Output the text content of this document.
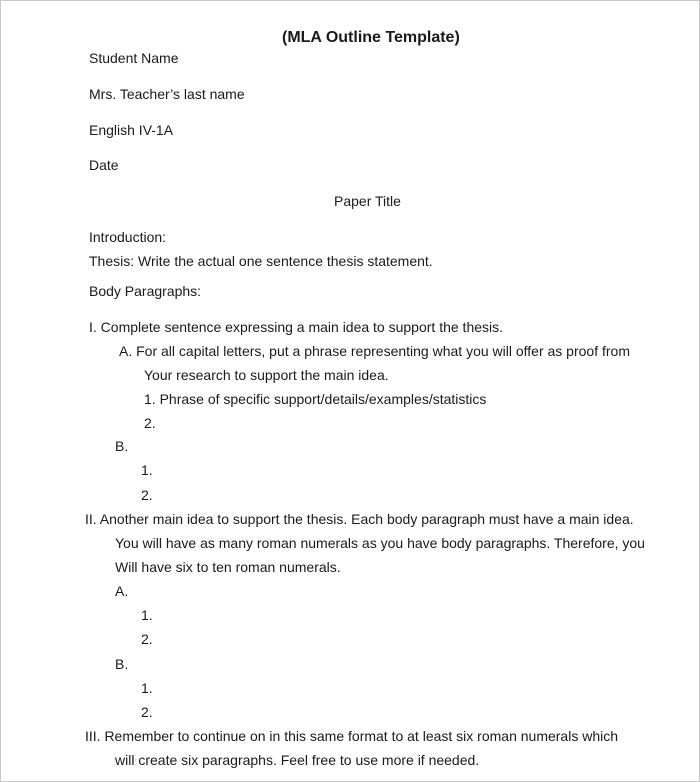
(MLA Outline Template)
Student Name
Mrs. Teacher’s last name
English IV-1A
Date
Paper Title
Introduction:
Thesis: Write the actual one sentence thesis statement.
Body Paragraphs:
I. Complete sentence expressing a main idea to support the thesis.
A. For all capital letters, put a phrase representing what you will offer as proof from
Your research to support the main idea.
1. Phrase of specific support/details/examples/statistics
2.
B.
1.
2.
II. Another main idea to support the thesis. Each body paragraph must have a main idea.
You will have as many roman numerals as you have body paragraphs. Therefore, you
Will have six to ten roman numerals.
A.
1.
2.
B.
1.
2.
III. Remember to continue on in this same format to at least six roman numerals which
will create six paragraphs. Feel free to use more if needed.
